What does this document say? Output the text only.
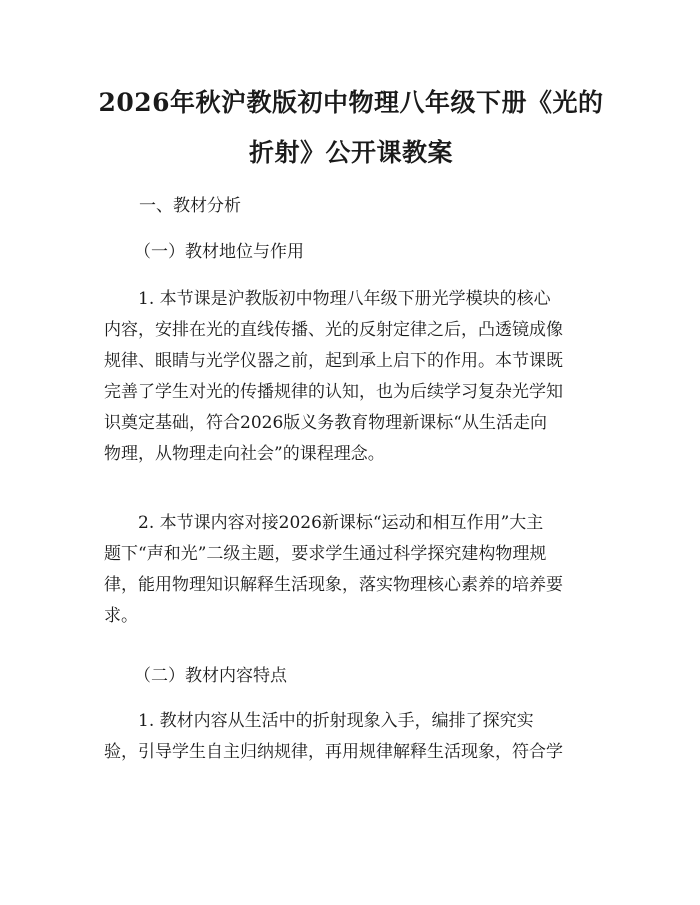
2026年秋沪教版初中物理八年级下册《光的
折射》公开课教案
一、教材分析
（一）教材地位与作用
1. 本节课是沪教版初中物理八年级下册光学模块的核心
内容，安排在光的直线传播、光的反射定律之后，凸透镜成像
规律、眼睛与光学仪器之前，起到承上启下的作用。本节课既
完善了学生对光的传播规律的认知，也为后续学习复杂光学知
识奠定基础，符合2026版义务教育物理新课标“从生活走向
物理，从物理走向社会”的课程理念。
2. 本节课内容对接2026新课标“运动和相互作用”大主
题下“声和光”二级主题，要求学生通过科学探究建构物理规
律，能用物理知识解释生活现象，落实物理核心素养的培养要
求。
（二）教材内容特点
1. 教材内容从生活中的折射现象入手，编排了探究实
验，引导学生自主归纳规律，再用规律解释生活现象，符合学
